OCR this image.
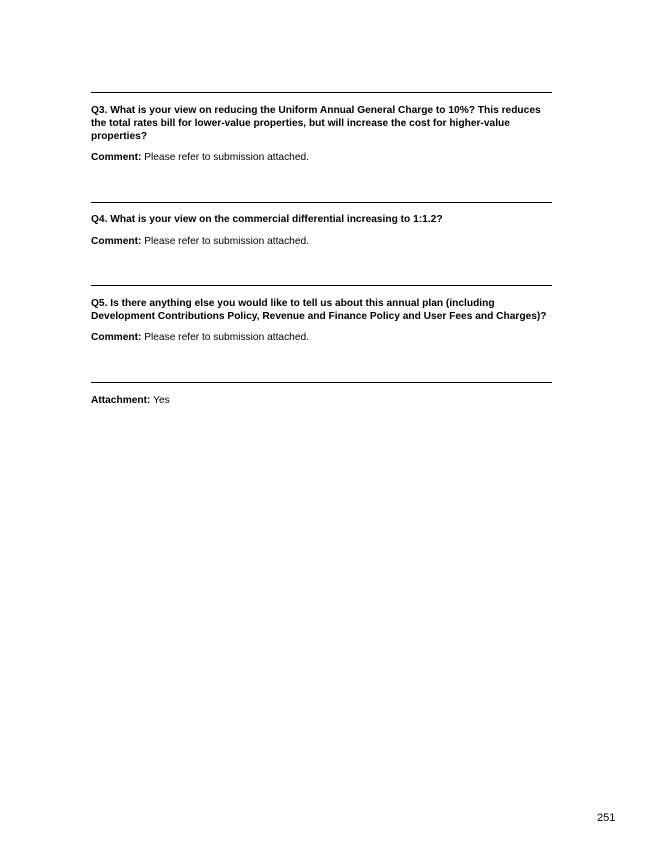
Q3. What is your view on reducing the Uniform Annual General Charge to 10%? This reduces the total rates bill for lower-value properties, but will increase the cost for higher-value properties?

Comment: Please refer to submission attached.

Q4. What is your view on the commercial differential increasing to 1:1.2?

Comment: Please refer to submission attached.

Q5. Is there anything else you would like to tell us about this annual plan (including Development Contributions Policy, Revenue and Finance Policy and User Fees and Charges)?

Comment: Please refer to submission attached.

Attachment: Yes

251
